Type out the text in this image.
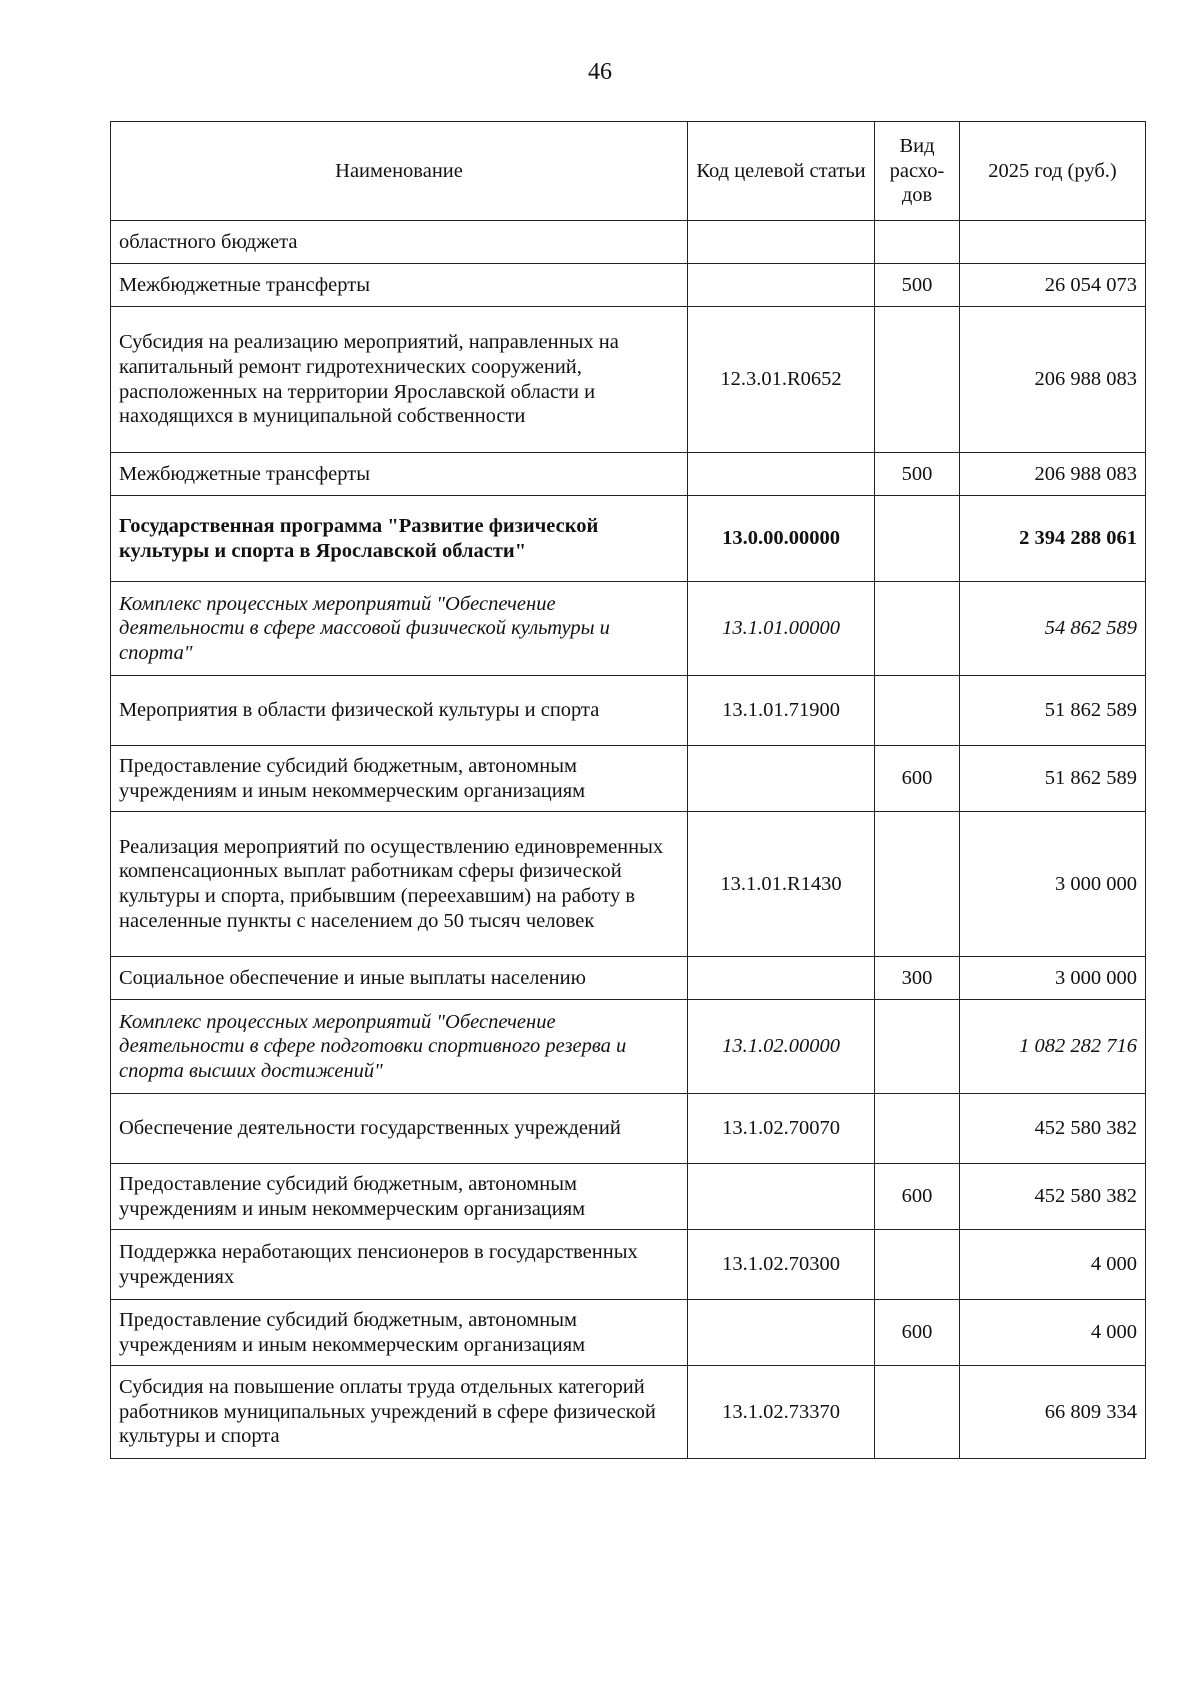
46
Наименование	Код целевой статьи	Вид расхо-дов	2025 год (руб.)
областного бюджета			
Межбюджетные трансферты		500	26 054 073
Субсидия на реализацию мероприятий, направленных на капитальный ремонт гидротехнических сооружений, расположенных на территории Ярославской области и находящихся в муниципальной собственности	12.3.01.R0652		206 988 083
Межбюджетные трансферты		500	206 988 083
Государственная программа "Развитие физической культуры и спорта в Ярославской области"	13.0.00.00000		2 394 288 061
Комплекс процессных мероприятий "Обеспечение деятельности в сфере массовой физической культуры и спорта"	13.1.01.00000		54 862 589
Мероприятия в области физической культуры и спорта	13.1.01.71900		51 862 589
Предоставление субсидий бюджетным, автономным учреждениям и иным некоммерческим организациям		600	51 862 589
Реализация мероприятий по осуществлению единовременных компенсационных выплат работникам сферы физической культуры и спорта, прибывшим (переехавшим) на работу в населенные пункты с населением до 50 тысяч человек	13.1.01.R1430		3 000 000
Социальное обеспечение и иные выплаты населению		300	3 000 000
Комплекс процессных мероприятий "Обеспечение деятельности в сфере подготовки спортивного резерва и спорта высших достижений"	13.1.02.00000		1 082 282 716
Обеспечение деятельности государственных учреждений	13.1.02.70070		452 580 382
Предоставление субсидий бюджетным, автономным учреждениям и иным некоммерческим организациям		600	452 580 382
Поддержка неработающих пенсионеров в государственных учреждениях	13.1.02.70300		4 000
Предоставление субсидий бюджетным, автономным учреждениям и иным некоммерческим организациям		600	4 000
Субсидия на повышение оплаты труда отдельных категорий работников муниципальных учреждений в сфере физической культуры и спорта	13.1.02.73370		66 809 334
